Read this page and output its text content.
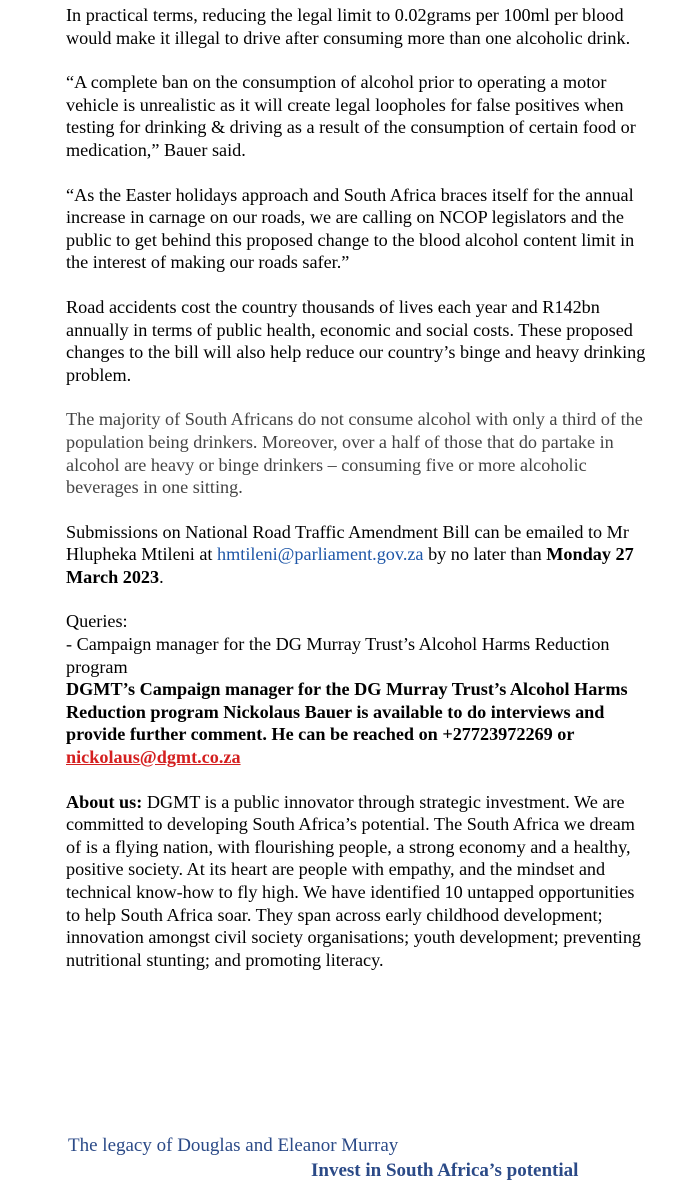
In practical terms, reducing the legal limit to 0.02grams per 100ml per blood would make it illegal to drive after consuming more than one alcoholic drink.

“A complete ban on the consumption of alcohol prior to operating a motor vehicle is unrealistic as it will create legal loopholes for false positives when testing for drinking & driving as a result of the consumption of certain food or medication,” Bauer said.

“As the Easter holidays approach and South Africa braces itself for the annual increase in carnage on our roads, we are calling on NCOP legislators and the public to get behind this proposed change to the blood alcohol content limit in the interest of making our roads safer.”

Road accidents cost the country thousands of lives each year and R142bn annually in terms of public health, economic and social costs. These proposed changes to the bill will also help reduce our country’s binge and heavy drinking problem.

The majority of South Africans do not consume alcohol with only a third of the population being drinkers. Moreover, over a half of those that do partake in alcohol are heavy or binge drinkers – consuming five or more alcoholic beverages in one sitting.

Submissions on National Road Traffic Amendment Bill can be emailed to Mr Hlupheka Mtileni at hmtileni@parliament.gov.za by no later than Monday 27 March 2023.

Queries:

- Campaign manager for the DG Murray Trust’s Alcohol Harms Reduction program

DGMT’s Campaign manager for the DG Murray Trust’s Alcohol Harms Reduction program Nickolaus Bauer is available to do interviews and provide further comment. He can be reached on +27723972269 or nickolaus@dgmt.co.za

About us: DGMT is a public innovator through strategic investment. We are committed to developing South Africa’s potential. The South Africa we dream of is a flying nation, with flourishing people, a strong economy and a healthy, positive society. At its heart are people with empathy, and the mindset and technical know-how to fly high. We have identified 10 untapped opportunities to help South Africa soar. They span across early childhood development; innovation amongst civil society organisations; youth development; preventing nutritional stunting; and promoting literacy.

The legacy of Douglas and Eleanor Murray
Invest in South Africa’s potential
